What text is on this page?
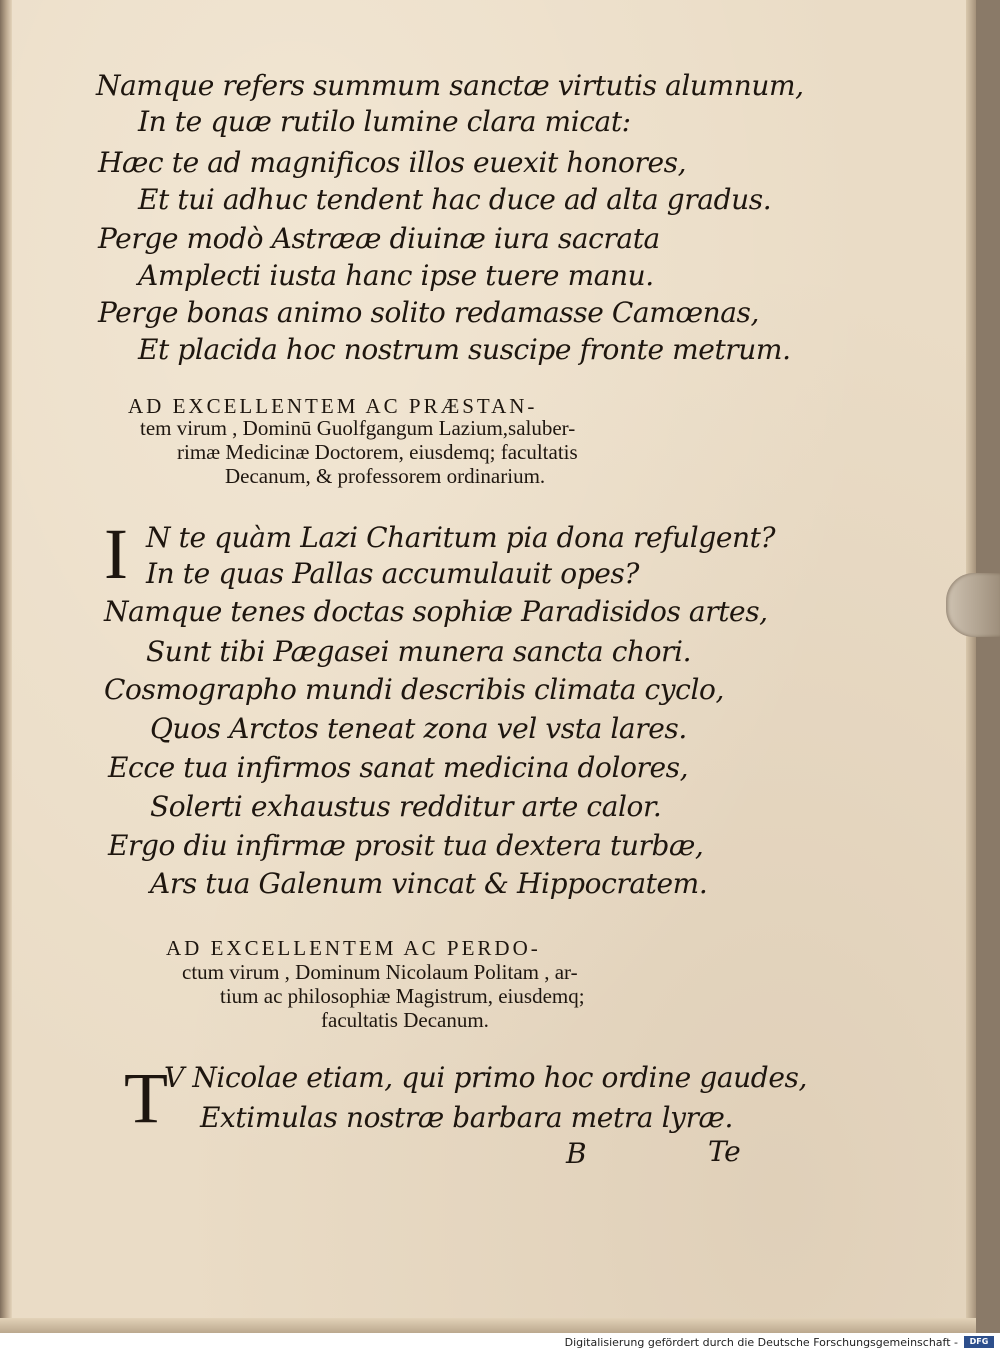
Namque refers summum sanctæ virtutis alumnum,
In te quæ rutilo lumine clara micat:
Hæc te ad magnificos illos euexit honores,
Et tui adhuc tendent hac duce ad alta gradus.
Perge modò Astrææ diuinæ iura sacrata
Amplecti iusta hanc ipse tuere manu.
Perge bonas animo solito redamasse Camœnas,
Et placida hoc nostrum suscipe fronte metrum.
AD EXCELLENTEM AC PRÆSTAN-
tem virum , Dominū Guolfgangum Lazium,saluber-
rimæ Medicinæ Doctorem, eiusdemq; facultatis
Decanum, & professorem ordinarium.
I N te quàm Lazi Charitum pia dona refulgent?
In te quas Pallas accumulauit opes?
Namque tenes doctas sophiæ Paradisidos artes,
Sunt tibi Pægasei munera sancta chori.
Cosmographo mundi describis climata cyclo,
Quos Arctos teneat zona vel vsta lares.
Ecce tua infirmos sanat medicina dolores,
Solerti exhaustus redditur arte calor.
Ergo diu infirmæ prosit tua dextera turbæ,
Ars tua Galenum vincat & Hippocratem.
AD EXCELLENTEM AC PERDO-
ctum virum , Dominum Nicolaum Politam , ar-
tium ac philosophiæ Magistrum, eiusdemq;
facultatis Decanum.
T
V Nicolae etiam, qui primo hoc ordine gaudes,
Extimulas nostræ barbara metra lyræ.
B	Te
Digitalisierung gefördert durch die Deutsche Forschungsgemeinschaft -	DFG
